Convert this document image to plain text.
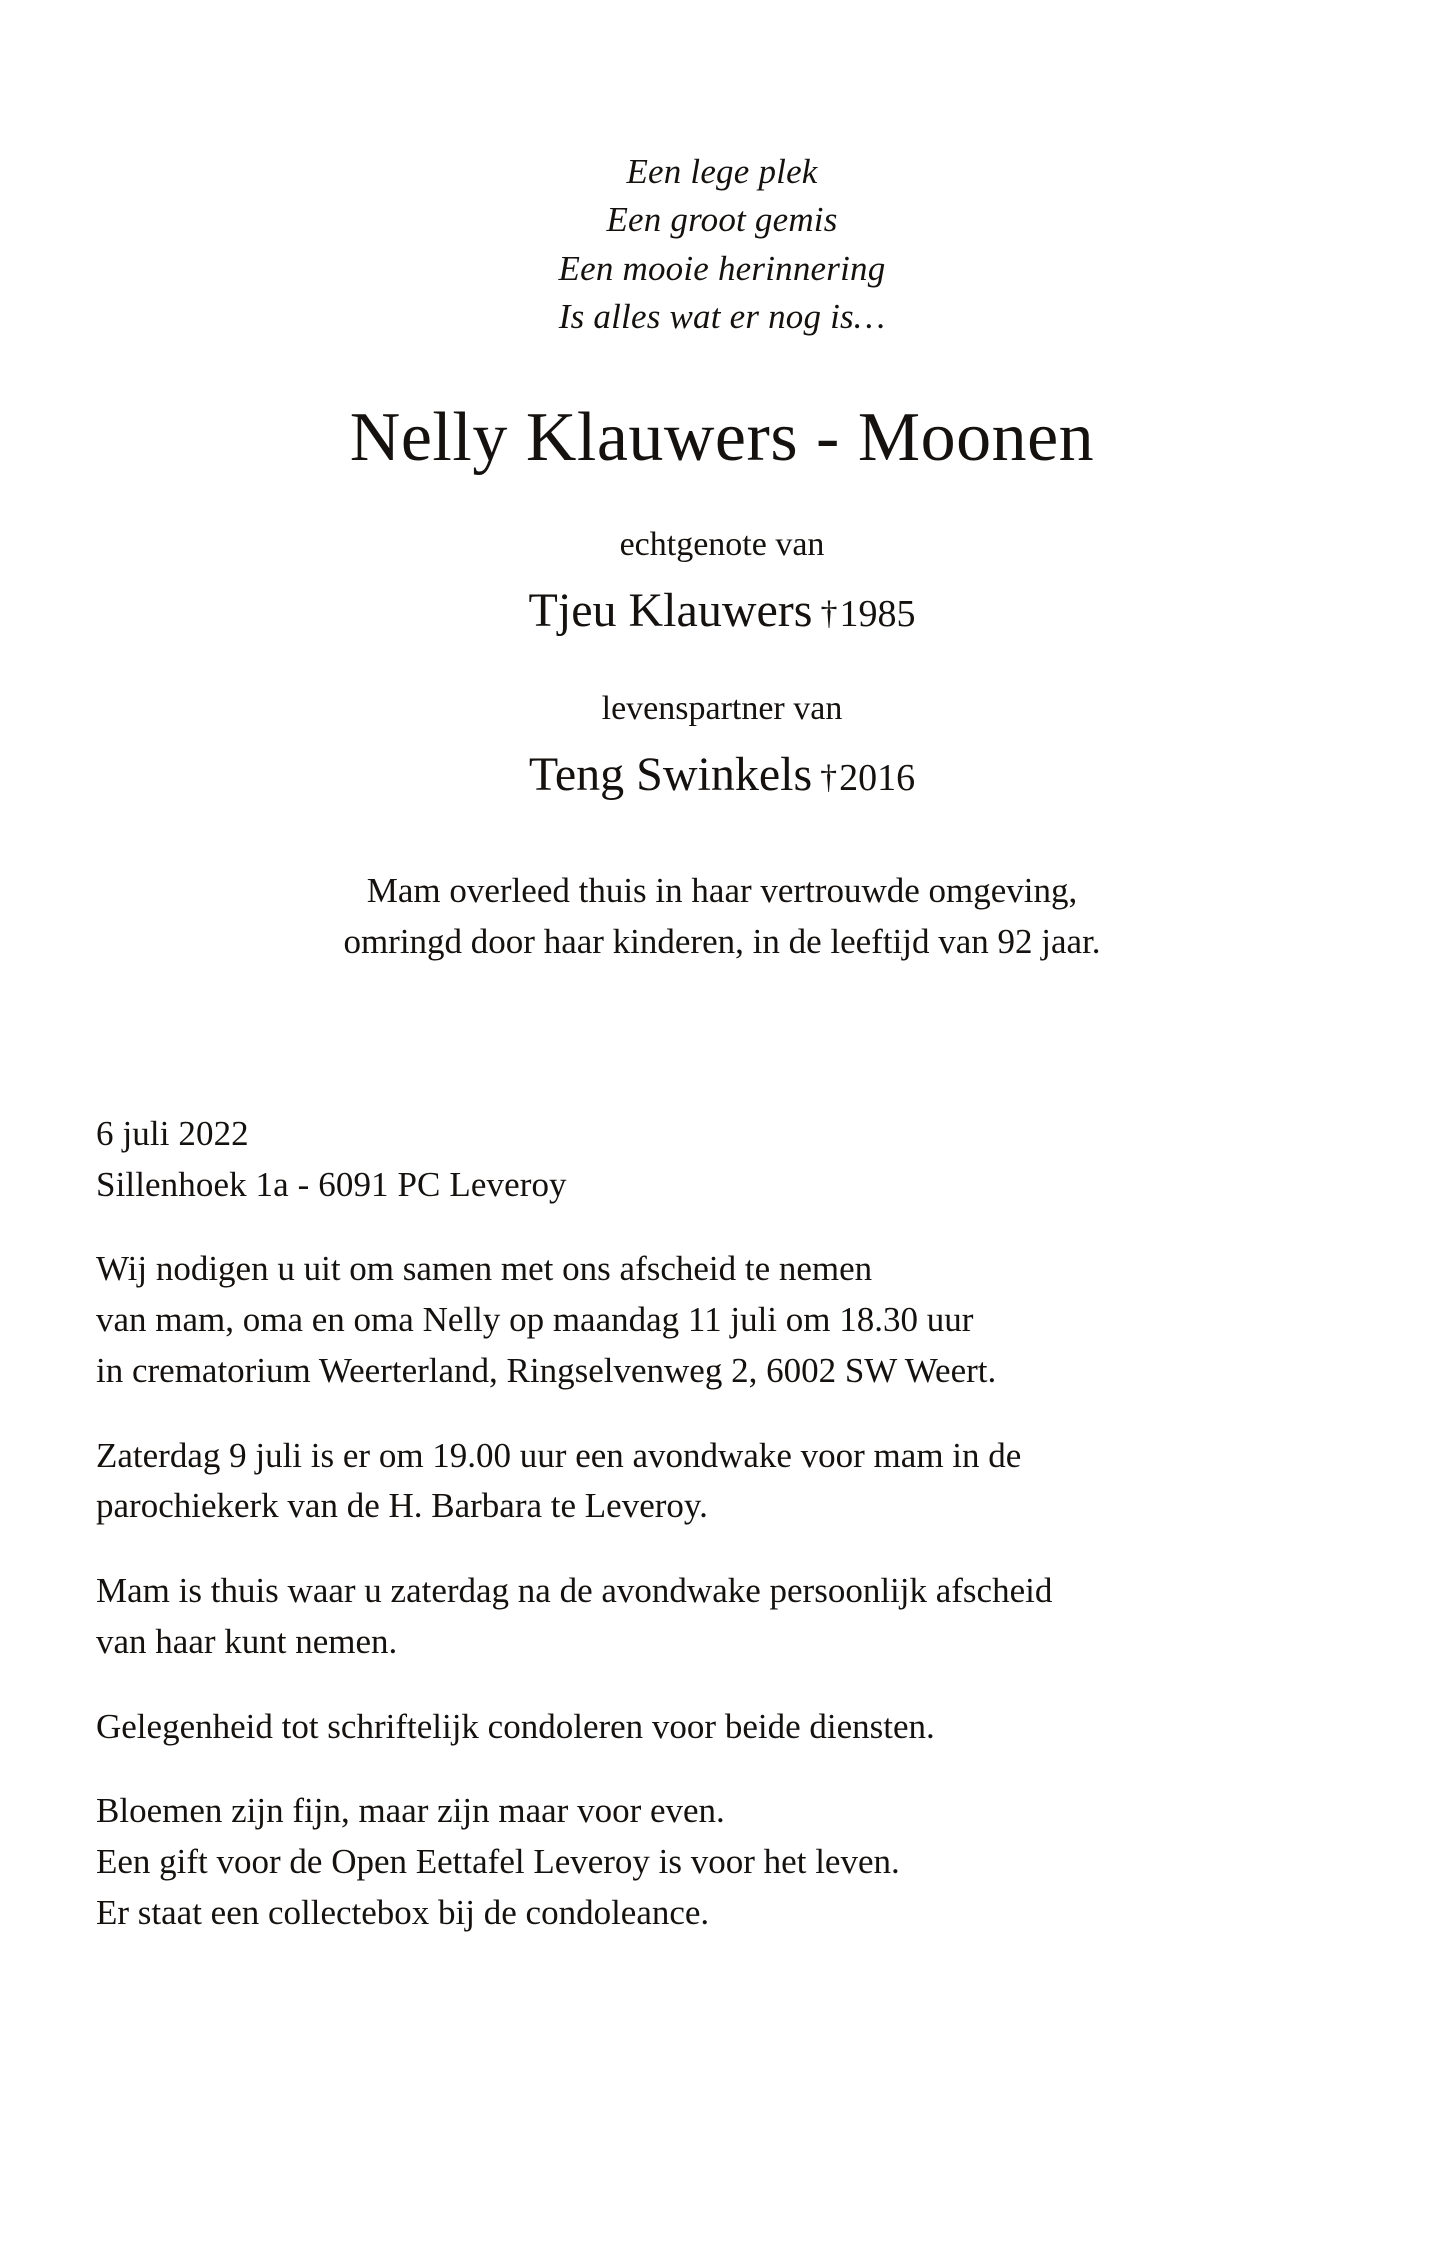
Een lege plek
Een groot gemis
Een mooie herinnering
Is alles wat er nog is…
Nelly Klauwers - Moonen

echtgenote van

Tjeu Klauwers †1985

levenspartner van

Teng Swinkels †2016

Mam overleed thuis in haar vertrouwde omgeving,
omringd door haar kinderen, in de leeftijd van 92 jaar.
6 juli 2022
Sillenhoek 1a - 6091 PC Leveroy
Wij nodigen u uit om samen met ons afscheid te nemen
van mam, oma en oma Nelly op maandag 11 juli om 18.30 uur
in crematorium Weerterland, Ringselvenweg 2, 6002 SW Weert.
Zaterdag 9 juli is er om 19.00 uur een avondwake voor mam in de
parochiekerk van de H. Barbara te Leveroy.
Mam is thuis waar u zaterdag na de avondwake persoonlijk afscheid
van haar kunt nemen.
Gelegenheid tot schriftelijk condoleren voor beide diensten.
Bloemen zijn fijn, maar zijn maar voor even.
Een gift voor de Open Eettafel Leveroy is voor het leven.
Er staat een collectebox bij de condoleance.
